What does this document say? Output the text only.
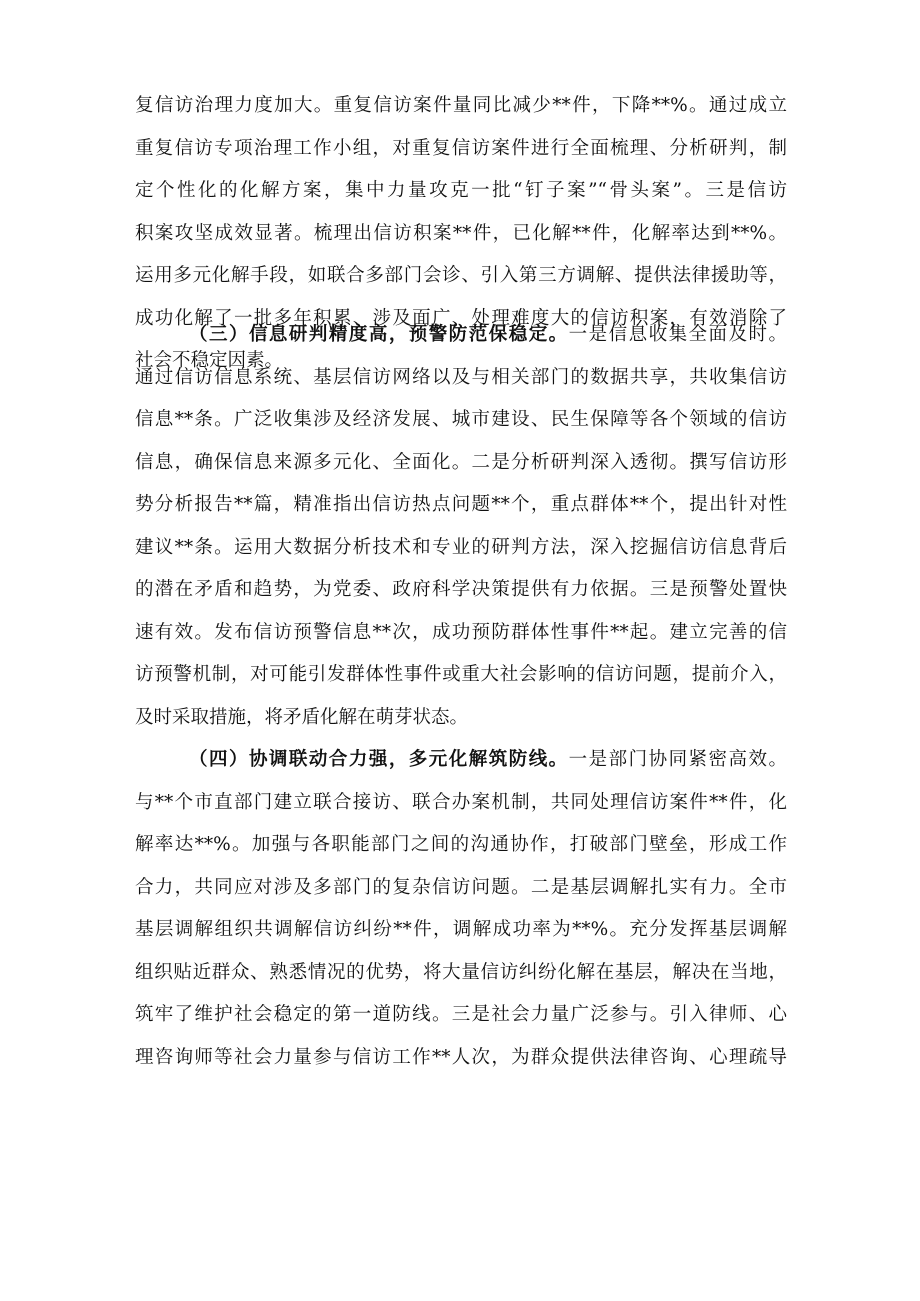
复信访治理力度加大。重复信访案件量同比减少**件，下降**%。通过成立
重复信访专项治理工作小组，对重复信访案件进行全面梳理、分析研判，制
定个性化的化解方案，集中力量攻克一批“钉子案”“骨头案”。三是信访
积案攻坚成效显著。梳理出信访积案**件，已化解**件，化解率达到**%。
运用多元化解手段，如联合多部门会诊、引入第三方调解、提供法律援助等，
成功化解了一批多年积累、涉及面广、处理难度大的信访积案，有效消除了
社会不稳定因素。
（三）信息研判精度高，预警防范保稳定。一是信息收集全面及时。
通过信访信息系统、基层信访网络以及与相关部门的数据共享，共收集信访
信息**条。广泛收集涉及经济发展、城市建设、民生保障等各个领域的信访
信息，确保信息来源多元化、全面化。二是分析研判深入透彻。撰写信访形
势分析报告**篇，精准指出信访热点问题**个，重点群体**个，提出针对性
建议**条。运用大数据分析技术和专业的研判方法，深入挖掘信访信息背后
的潜在矛盾和趋势，为党委、政府科学决策提供有力依据。三是预警处置快
速有效。发布信访预警信息**次，成功预防群体性事件**起。建立完善的信
访预警机制，对可能引发群体性事件或重大社会影响的信访问题，提前介入，
及时采取措施，将矛盾化解在萌芽状态。
（四）协调联动合力强，多元化解筑防线。一是部门协同紧密高效。
与**个市直部门建立联合接访、联合办案机制，共同处理信访案件**件，化
解率达**%。加强与各职能部门之间的沟通协作，打破部门壁垒，形成工作
合力，共同应对涉及多部门的复杂信访问题。二是基层调解扎实有力。全市
基层调解组织共调解信访纠纷**件，调解成功率为**%。充分发挥基层调解
组织贴近群众、熟悉情况的优势，将大量信访纠纷化解在基层，解决在当地，
筑牢了维护社会稳定的第一道防线。三是社会力量广泛参与。引入律师、心
理咨询师等社会力量参与信访工作**人次，为群众提供法律咨询、心理疏导
